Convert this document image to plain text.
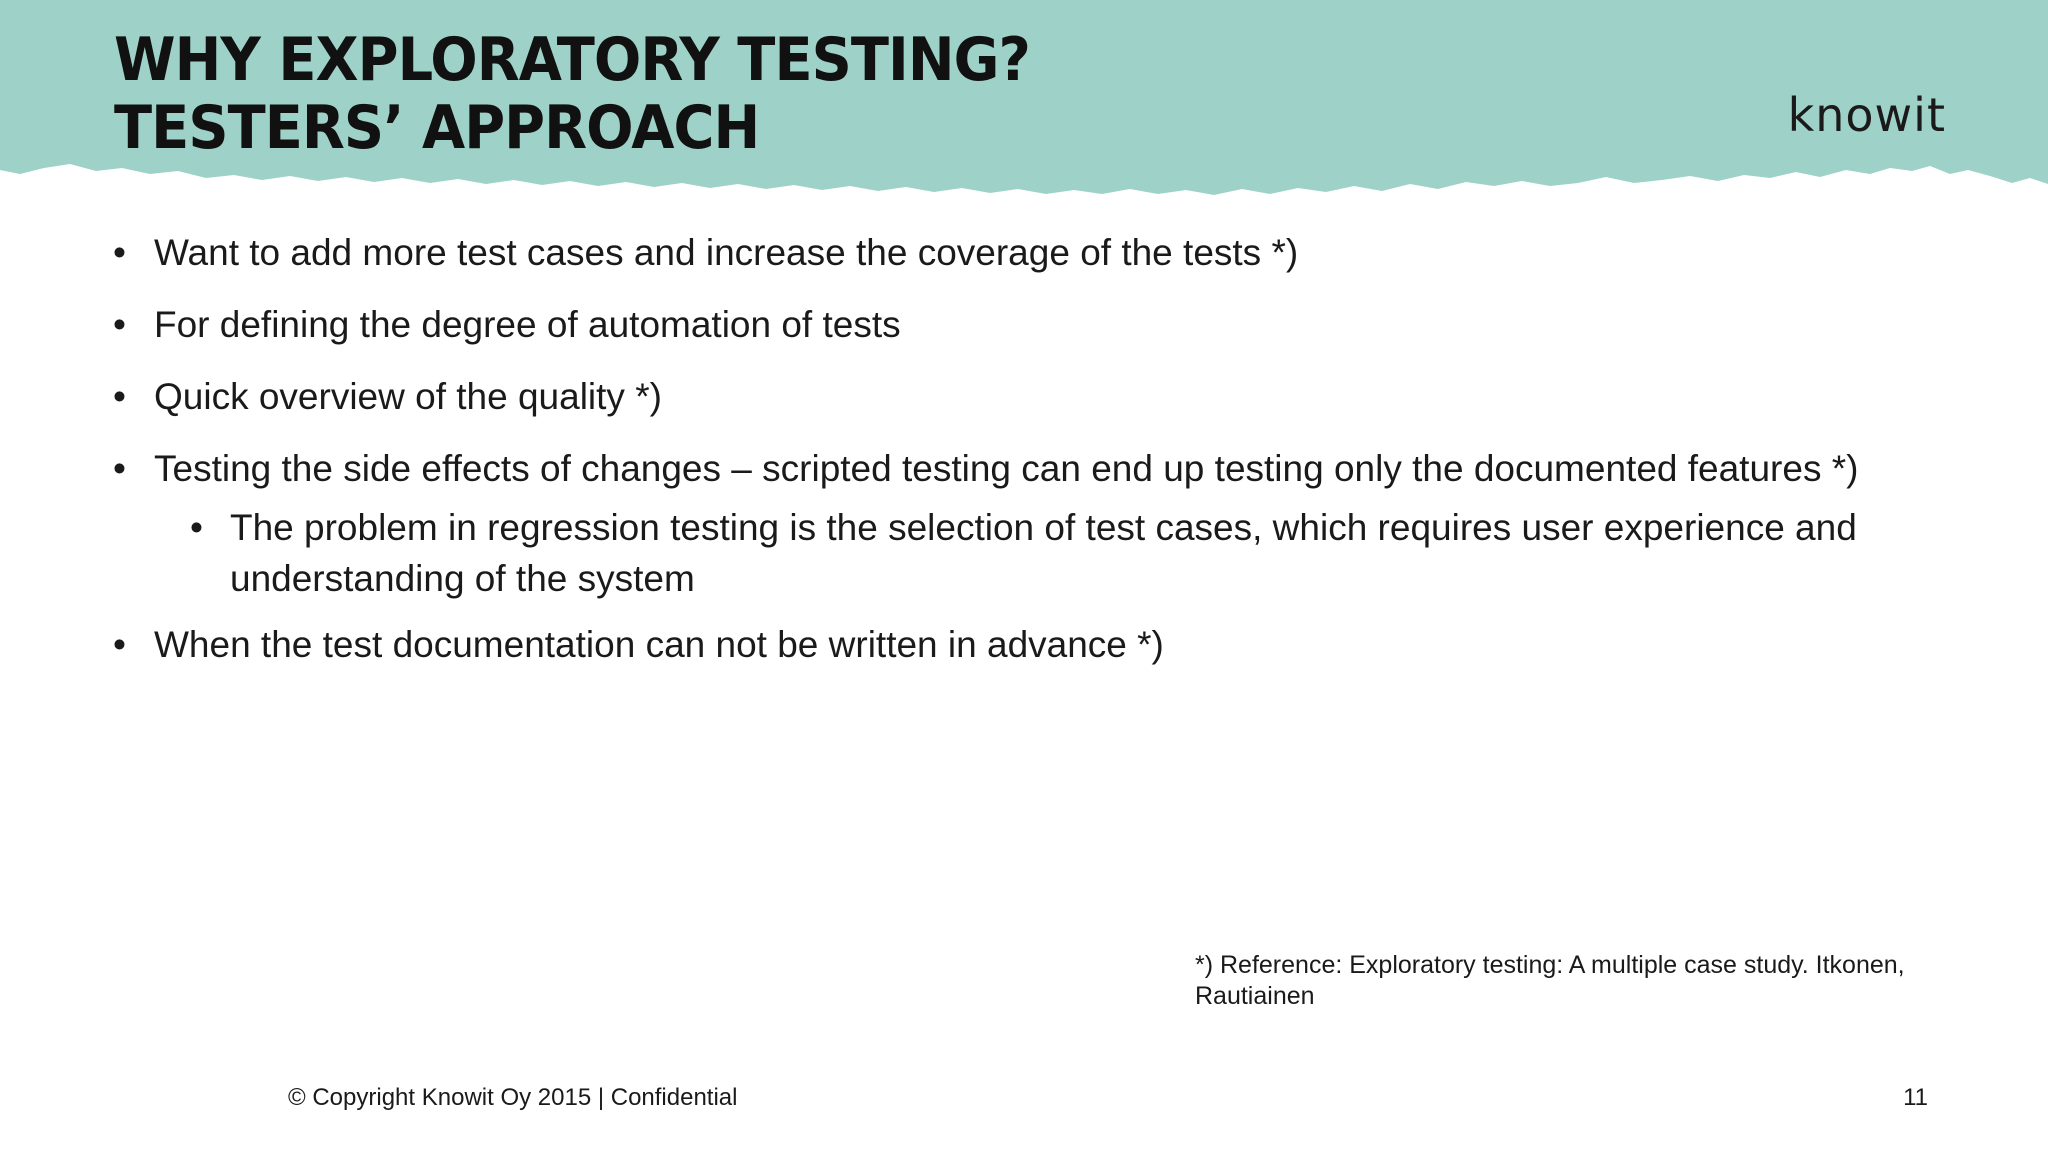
WHY EXPLORATORY TESTING?
TESTERS’ APPROACH	knowit
• Want to add more test cases and increase the coverage of the tests *)
• For defining the degree of automation of tests
• Quick overview of the quality *)
• Testing the side effects of changes – scripted testing can end up testing only the documented features *)
• The problem in regression testing is the selection of test cases, which requires user experience and understanding of the system
• When the test documentation can not be written in advance *)
*) Reference: Exploratory testing: A multiple case study. Itkonen, Rautiainen
© Copyright Knowit Oy 2015 | Confidential	11
